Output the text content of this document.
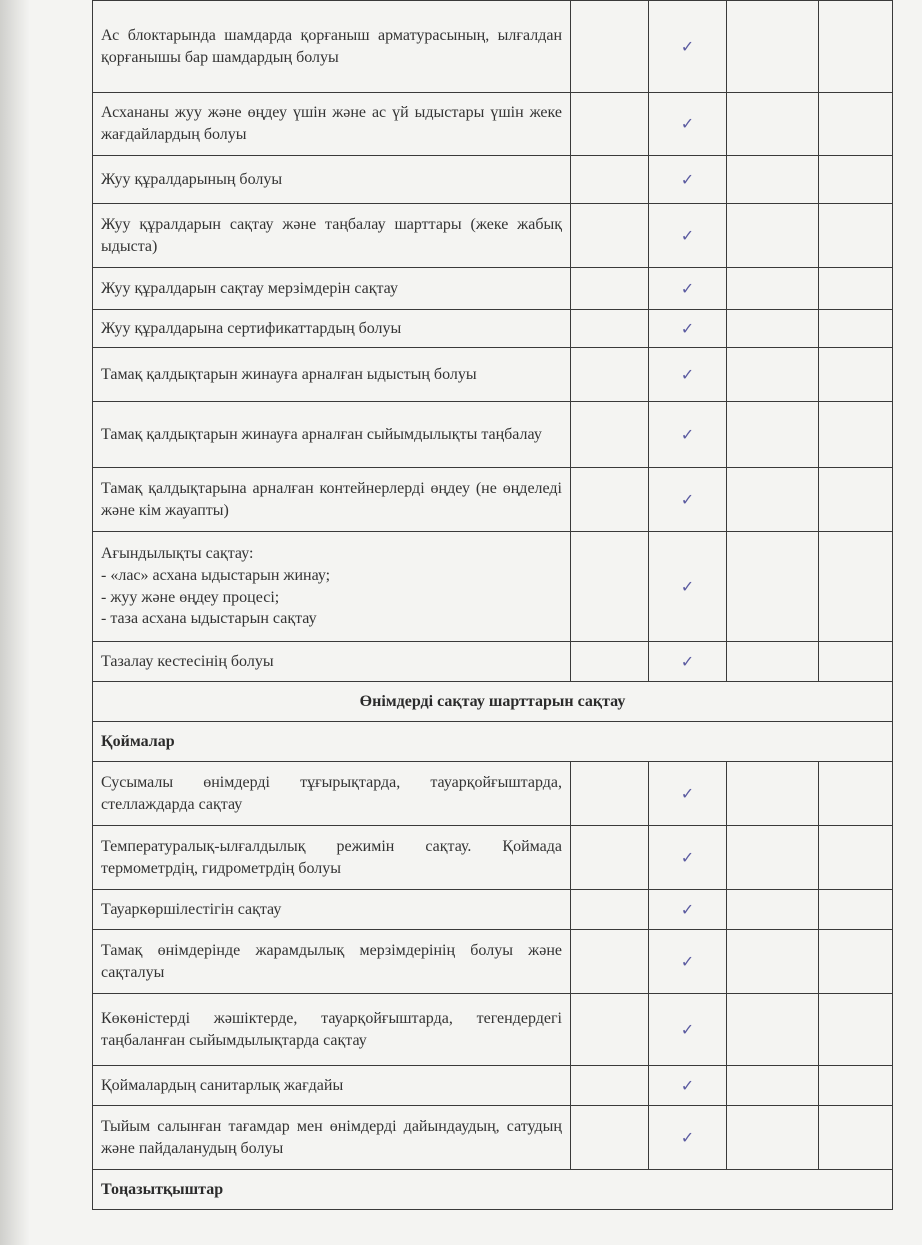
Ас блоктарында шамдарда қорғаныш арматурасының, ылғалдан қорғанышы бар шамдардың болуы		✓		
Асхананы жуу және өңдеу үшін және ас үй ыдыстары үшін жеке жағдайлардың болуы		✓		
Жуу құралдарының болуы		✓		
Жуу құралдарын сақтау және таңбалау шарттары (жеке жабық ыдыста)		✓		
Жуу құралдарын сақтау мерзімдерін сақтау		✓		
Жуу құралдарына сертификаттардың болуы		✓		
Тамақ қалдықтарын жинауға арналған ыдыстың болуы		✓		
Тамақ қалдықтарын жинауға арналған сыйымдылықты таңбалау		✓		
Тамақ қалдықтарына арналған контейнерлерді өңдеу (не өңделеді және кім жауапты)		✓		
Ағындылықты сақтау:
- «лас» асхана ыдыстарын жинау;
- жуу және өңдеу процесі;
- таза асхана ыдыстарын сақтау		✓		
Тазалау кестесінің болуы		✓		
Өнімдерді сақтау шарттарын сақтау				
Қоймалар				
Сусымалы өнімдерді тұғырықтарда, тауарқойғыштарда, стеллаждарда сақтау		✓		
Температуралық-ылғалдылық режимін сақтау. Қоймада термометрдің, гидрометрдің болуы		✓		
Тауаркөршілестігін сақтау		✓		
Тамақ өнімдерінде жарамдылық мерзімдерінің болуы және сақталуы		✓		
Көкөністерді жәшіктерде, тауарқойғыштарда, тегендердегі таңбаланған сыйымдылықтарда сақтау		✓		
Қоймалардың санитарлық жағдайы		✓		
Тыйым салынған тағамдар мен өнімдерді дайындаудың, сатудың және пайдаланудың болуы		✓		
Тоңазытқыштар				
